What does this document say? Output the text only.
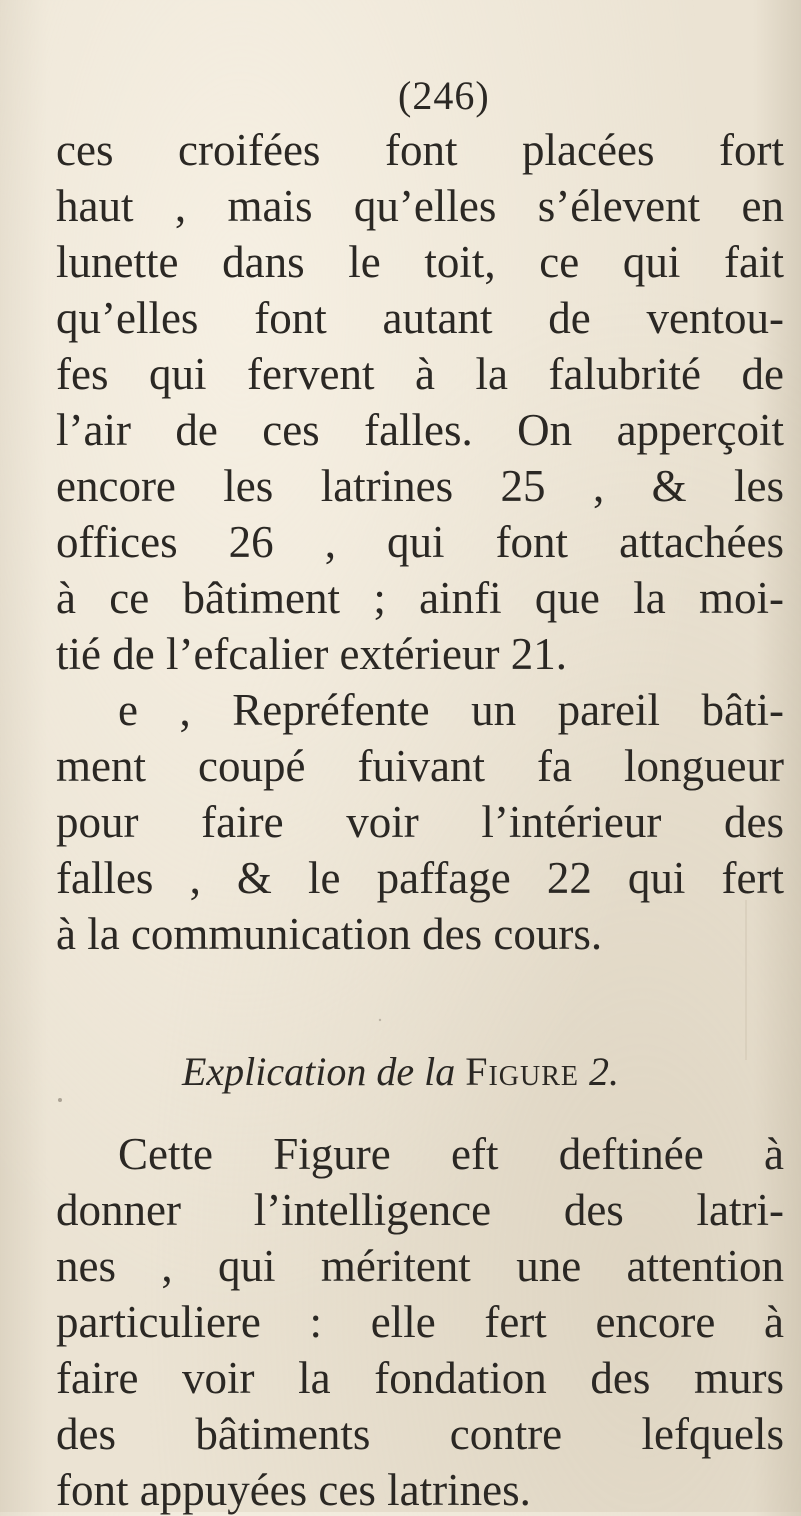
(246)
ces croifées font placées fort
haut , mais qu’elles s’élevent en
lunette dans le toit, ce qui fait
qu’elles font autant de ventou-
fes qui fervent à la falubrité de
l’air de ces falles. On apperçoit
encore les latrines 25 , & les
offices 26 , qui font attachées
à ce bâtiment ; ainfi que la moi-
tié de l’efcalier extérieur 21.
e , Repréfente un pareil bâti-
ment coupé fuivant fa longueur
pour faire voir l’intérieur des
falles , & le paffage 22 qui fert
à la communication des cours.
Explication de la Figure 2.
Cette Figure eft deftinée à
donner l’intelligence des latri-
nes , qui méritent une attention
particuliere : elle fert encore à
faire voir la fondation des murs
des bâtiments contre lefquels
font appuyées ces latrines.
